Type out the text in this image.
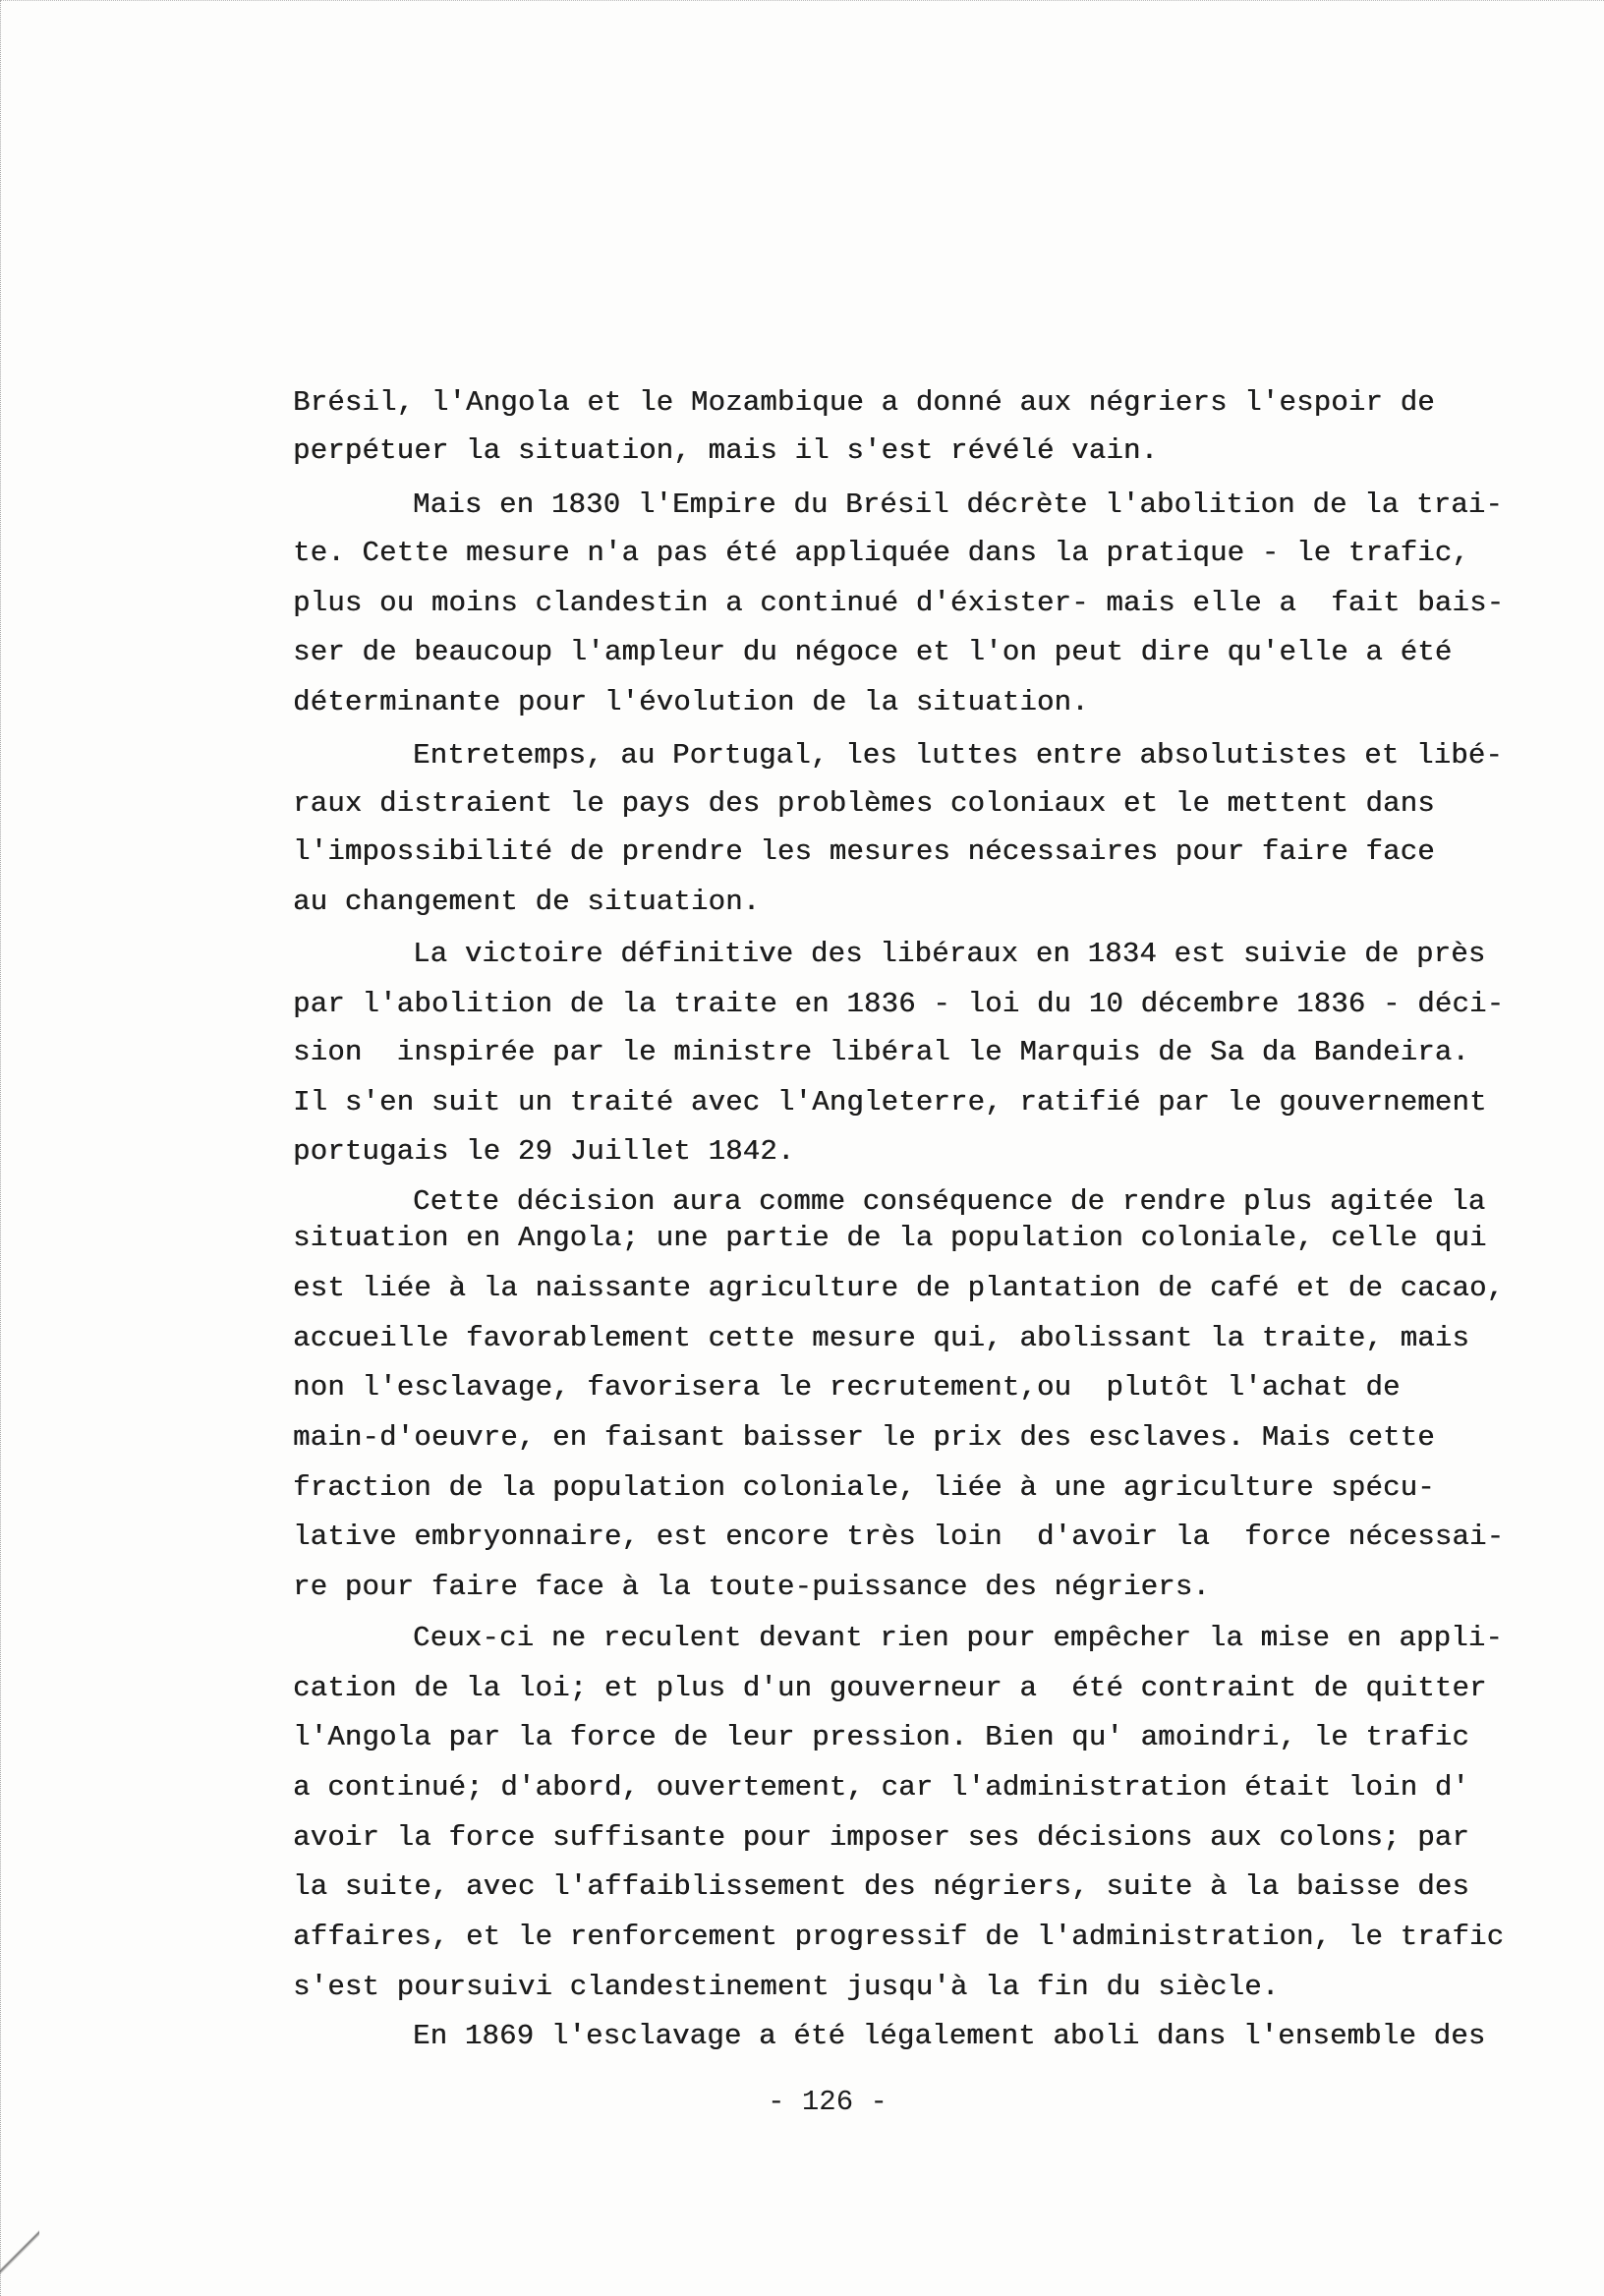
Brésil, l'Angola et le Mozambique a donné aux négriers l'espoir de
perpétuer la situation, mais il s'est révélé vain.
Mais en 1830 l'Empire du Brésil décrète l'abolition de la trai-
te. Cette mesure n'a pas été appliquée dans la pratique - le trafic,
plus ou moins clandestin a continué d'éxister- mais elle a  fait bais-
ser de beaucoup l'ampleur du négoce et l'on peut dire qu'elle a été
déterminante pour l'évolution de la situation.
Entretemps, au Portugal, les luttes entre absolutistes et libé-
raux distraient le pays des problèmes coloniaux et le mettent dans
l'impossibilité de prendre les mesures nécessaires pour faire face
au changement de situation.
La victoire définitive des libéraux en 1834 est suivie de près
par l'abolition de la traite en 1836 - loi du 10 décembre 1836 - déci-
sion  inspirée par le ministre libéral le Marquis de Sa da Bandeira.
Il s'en suit un traité avec l'Angleterre, ratifié par le gouvernement
portugais le 29 Juillet 1842.
Cette décision aura comme conséquence de rendre plus agitée la
situation en Angola; une partie de la population coloniale, celle qui
est liée à la naissante agriculture de plantation de café et de cacao,
accueille favorablement cette mesure qui, abolissant la traite, mais
non l'esclavage, favorisera le recrutement,ou  plutôt l'achat de
main-d'oeuvre, en faisant baisser le prix des esclaves. Mais cette
fraction de la population coloniale, liée à une agriculture spécu-
lative embryonnaire, est encore très loin  d'avoir la  force nécessai-
re pour faire face à la toute-puissance des négriers.
Ceux-ci ne reculent devant rien pour empêcher la mise en appli-
cation de la loi; et plus d'un gouverneur a  été contraint de quitter
l'Angola par la force de leur pression. Bien qu' amoindri, le trafic
a continué; d'abord, ouvertement, car l'administration était loin d'
avoir la force suffisante pour imposer ses décisions aux colons; par
la suite, avec l'affaiblissement des négriers, suite à la baisse des
affaires, et le renforcement progressif de l'administration, le trafic
s'est poursuivi clandestinement jusqu'à la fin du siècle.
En 1869 l'esclavage a été légalement aboli dans l'ensemble des
- 126 -
